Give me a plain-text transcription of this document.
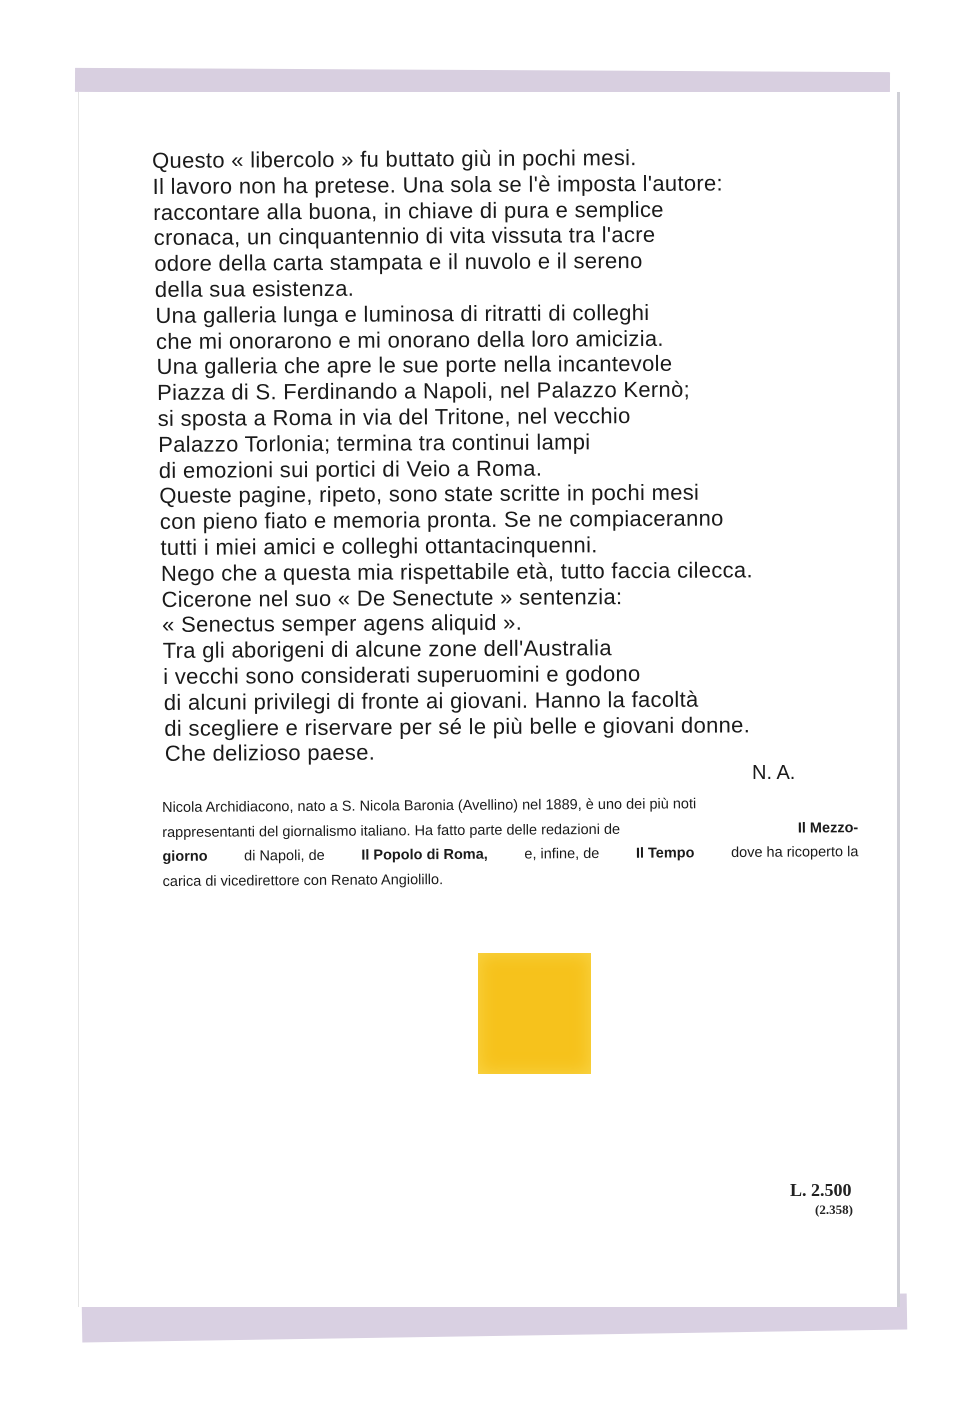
Questo « libercolo » fu buttato giù in pochi mesi.
Il lavoro non ha pretese. Una sola se l'è imposta l'autore:
raccontare alla buona, in chiave di pura e semplice
cronaca, un cinquantennio di vita vissuta tra l'acre
odore della carta stampata e il nuvolo e il sereno
della sua esistenza.
Una galleria lunga e luminosa di ritratti di colleghi
che mi onorarono e mi onorano della loro amicizia.
Una galleria che apre le sue porte nella incantevole
Piazza di S. Ferdinando a Napoli, nel Palazzo Kernò;
si sposta a Roma in via del Tritone, nel vecchio
Palazzo Torlonia; termina tra continui lampi
di emozioni sui portici di Veio a Roma.
Queste pagine, ripeto, sono state scritte in pochi mesi
con pieno fiato e memoria pronta. Se ne compiaceranno
tutti i miei amici e colleghi ottantacinquenni.
Nego che a questa mia rispettabile età, tutto faccia cilecca.
Cicerone nel suo « De Senectute » sentenzia:
« Senectus semper agens aliquid ».
Tra gli aborigeni di alcune zone dell'Australia
i vecchi sono considerati superuomini e godono
di alcuni privilegi di fronte ai giovani. Hanno la facoltà
di scegliere e riservare per sé le più belle e giovani donne.
Che delizioso paese.
N. A.
Nicola Archidiacono, nato a S. Nicola Baronia (Avellino) nel 1889, è uno dei più noti
rappresentanti del giornalismo italiano. Ha fatto parte delle redazioni de	Il Mezzo-
giorno	di Napoli, de	Il Popolo di Roma,	e, infine, de	Il Tempo	dove ha ricoperto la
carica di vicedirettore con Renato Angiolillo.
L. 2.500
(2.358)
